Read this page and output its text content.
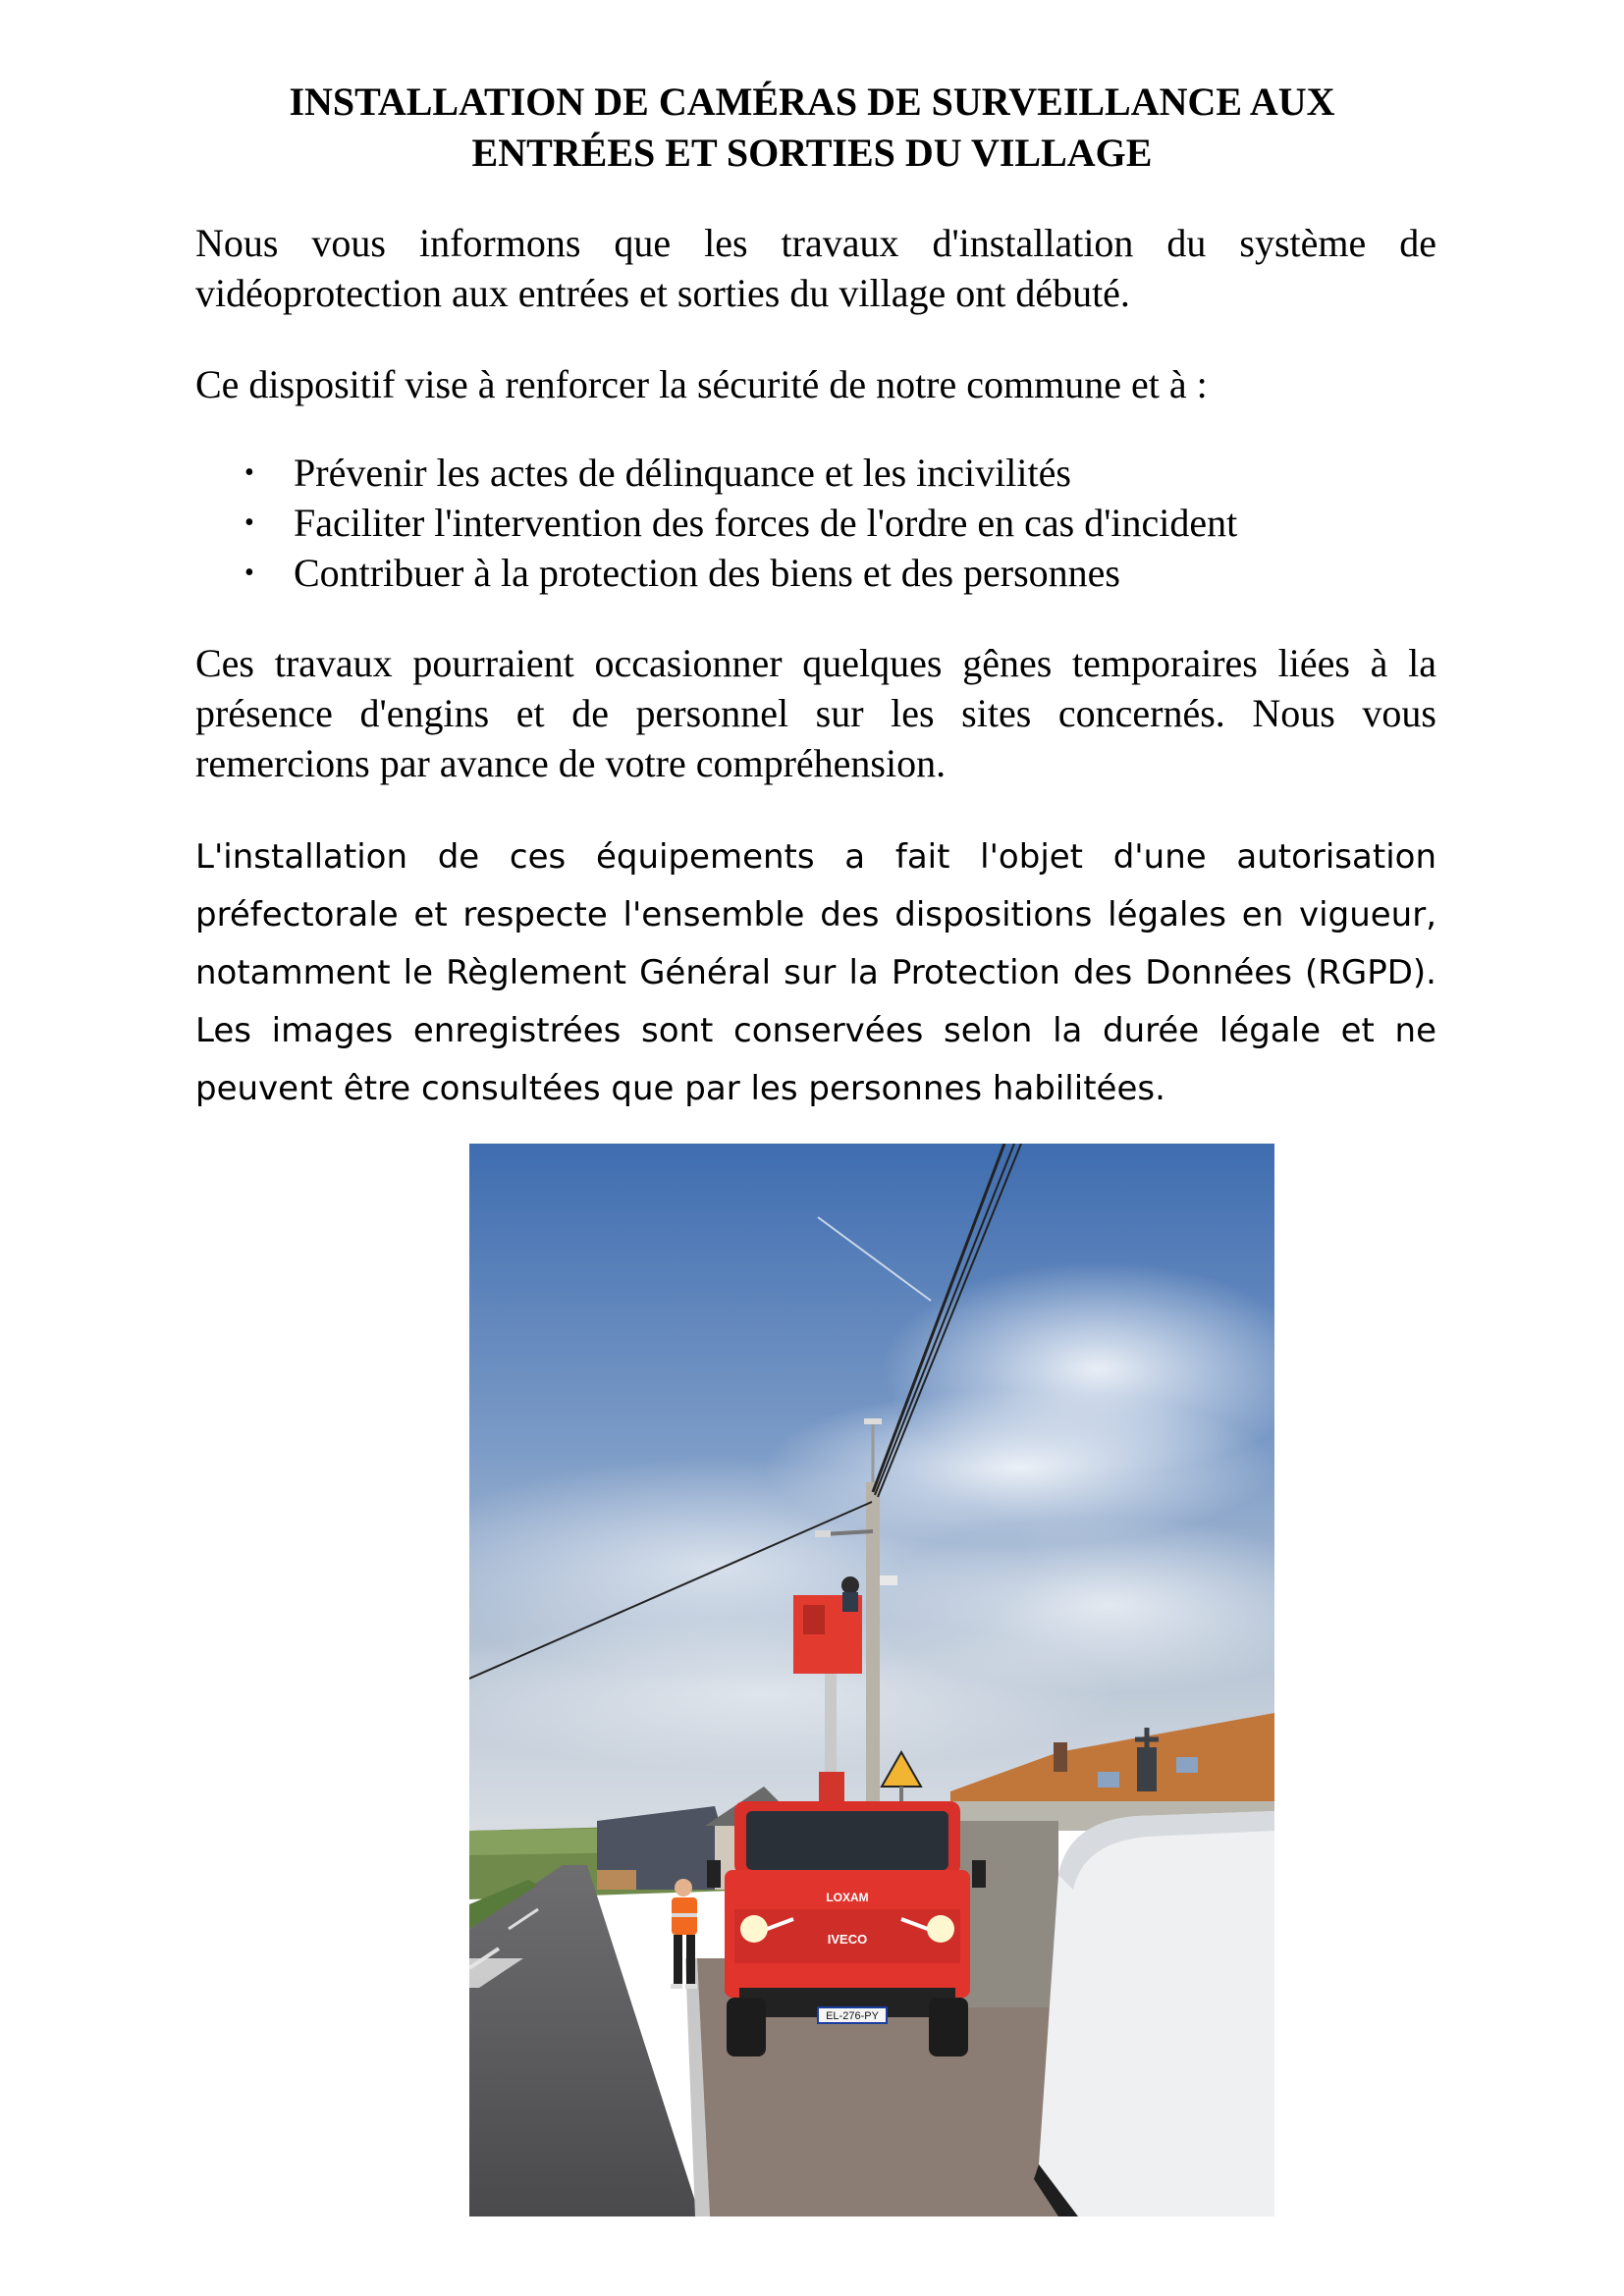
INSTALLATION DE CAMÉRAS DE SURVEILLANCE AUX
ENTRÉES ET SORTIES DU VILLAGE

Nous vous informons que les travaux d'installation du système de vidéoprotection aux entrées et sorties du village ont débuté.

Ce dispositif vise à renforcer la sécurité de notre commune et à :

• Prévenir les actes de délinquance et les incivilités
• Faciliter l'intervention des forces de l'ordre en cas d'incident
• Contribuer à la protection des biens et des personnes

Ces travaux pourraient occasionner quelques gênes temporaires liées à la présence d'engins et de personnel sur les sites concernés. Nous vous remercions par avance de votre compréhension.

L'installation de ces équipements a fait l'objet d'une autorisation préfectorale et respecte l'ensemble des dispositions légales en vigueur, notamment le Règlement Général sur la Protection des Données (RGPD). Les images enregistrées sont conservées selon la durée légale et ne peuvent être consultées que par les personnes habilitées.

LOXAM
IVECO
EL-276-PY
